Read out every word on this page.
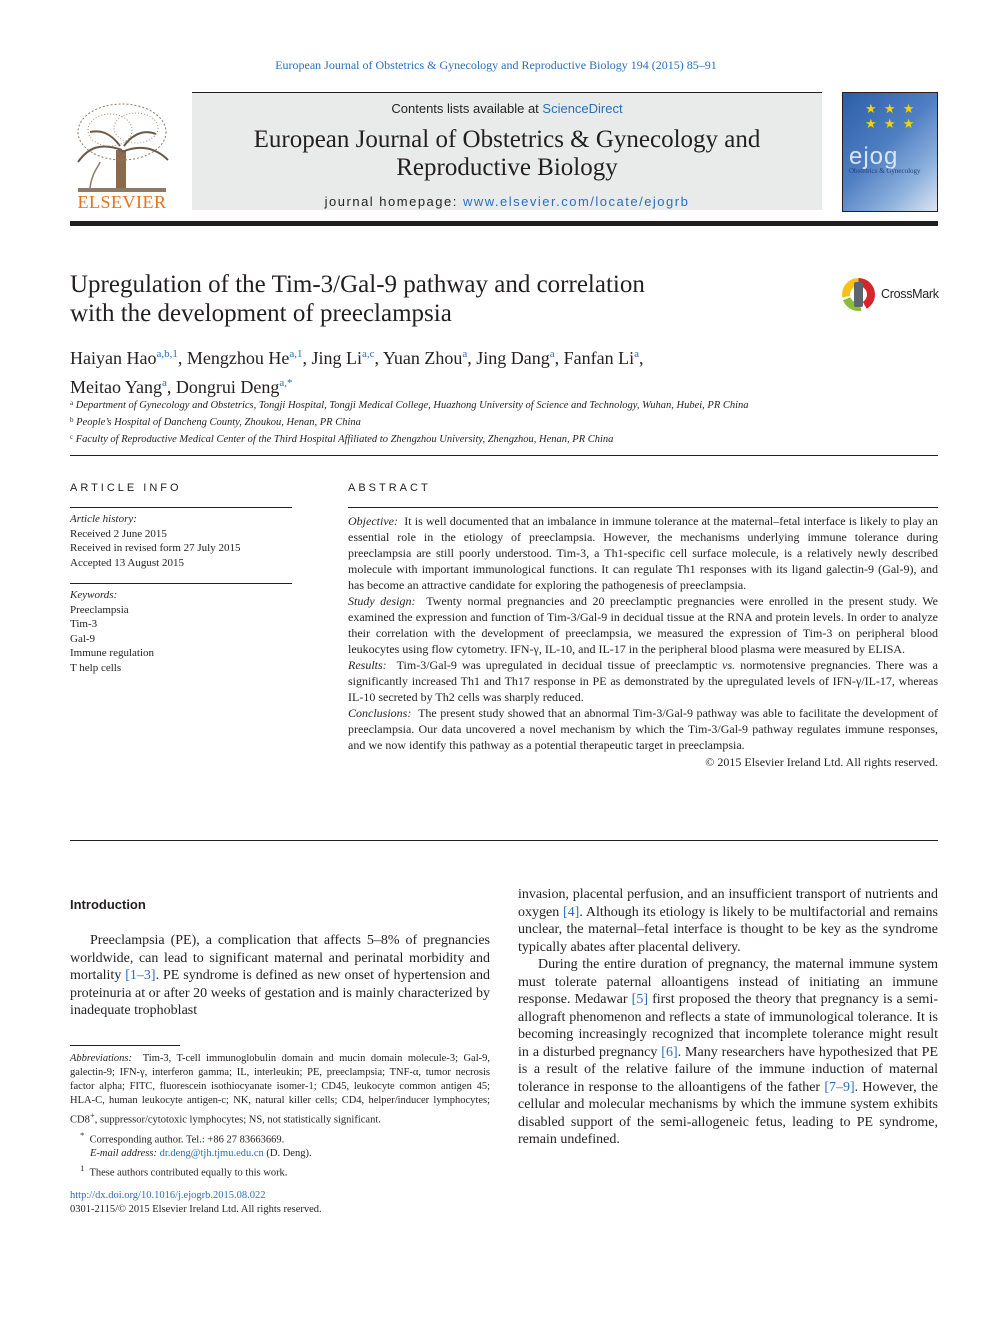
European Journal of Obstetrics & Gynecology and Reproductive Biology 194 (2015) 85–91
ELSEVIER
Contents lists available at ScienceDirect
European Journal of Obstetrics & Gynecology and
Reproductive Biology
journal homepage: www.elsevier.com/locate/ejogrb
★ ★ ★
★ ★ ★
ejog
Obstetrics & Gynecology
Upregulation of the Tim-3/Gal-9 pathway and correlation
with the development of preeclampsia
CrossMark
Haiyan Hao$^{a,b,1}$, Mengzhou He$^{a,1}$, Jing Li$^{a,c}$, Yuan Zhou$^a$, Jing Dang$^a$, Fanfan Li$^a$,
Meitao Yang$^a$, Dongrui Deng$^{a,*}$
$^a$ Department of Gynecology and Obstetrics, Tongji Hospital, Tongji Medical College, Huazhong University of Science and Technology, Wuhan, Hubei, PR China
$^b$ People’s Hospital of Dancheng County, Zhoukou, Henan, PR China
$^c$ Faculty of Reproductive Medical Center of the Third Hospital Affiliated to Zhengzhou University, Zhengzhou, Henan, PR China
ARTICLE INFO
Article history:
Received 2 June 2015
Received in revised form 27 July 2015
Accepted 13 August 2015
Keywords:
Preeclampsia
Tim-3
Gal-9
Immune regulation
T help cells
ABSTRACT

Objective: It is well documented that an imbalance in immune tolerance at the maternal–fetal interface is likely to play an essential role in the etiology of preeclampsia. However, the mechanisms underlying immune tolerance during preeclampsia are still poorly understood. Tim-3, a Th1-specific cell surface molecule, is a relatively newly described molecule with important immunological functions. It can regulate Th1 responses with its ligand galectin-9 (Gal-9), and has become an attractive candidate for exploring the pathogenesis of preeclampsia.

Study design: Twenty normal pregnancies and 20 preeclamptic pregnancies were enrolled in the present study. We examined the expression and function of Tim-3/Gal-9 in decidual tissue at the RNA and protein levels. In order to analyze their correlation with the development of preeclampsia, we measured the expression of Tim-3 on peripheral blood leukocytes using flow cytometry. IFN-γ, IL-10, and IL-17 in the peripheral blood plasma were measured by ELISA.

Results: Tim-3/Gal-9 was upregulated in decidual tissue of preeclamptic vs. normotensive pregnancies. There was a significantly increased Th1 and Th17 response in PE as demonstrated by the upregulated levels of IFN-γ/IL-17, whereas IL-10 secreted by Th2 cells was sharply reduced.

Conclusions: The present study showed that an abnormal Tim-3/Gal-9 pathway was able to facilitate the development of preeclampsia. Our data uncovered a novel mechanism by which the Tim-3/Gal-9 pathway regulates immune responses, and we now identify this pathway as a potential therapeutic target in preeclampsia.

© 2015 Elsevier Ireland Ltd. All rights reserved.

Introduction

Preeclampsia (PE), a complication that affects 5–8% of pregnancies worldwide, can lead to significant maternal and perinatal morbidity and mortality [1–3]. PE syndrome is defined as new onset of hypertension and proteinuria at or after 20 weeks of gestation and is mainly characterized by inadequate trophoblast

invasion, placental perfusion, and an insufficient transport of nutrients and oxygen [4]. Although its etiology is likely to be multifactorial and remains unclear, the maternal–fetal interface is thought to be key as the syndrome typically abates after placental delivery.

During the entire duration of pregnancy, the maternal immune system must tolerate paternal alloantigens instead of initiating an immune response. Medawar [5] first proposed the theory that pregnancy is a semi-allograft phenomenon and reflects a state of immunological tolerance. It is becoming increasingly recognized that incomplete tolerance might result in a disturbed pregnancy [6]. Many researchers have hypothesized that PE is a result of the relative failure of the immune induction of maternal tolerance in response to the alloantigens of the father [7–9]. However, the cellular and molecular mechanisms by which the immune system exhibits disabled support of the semi-allogeneic fetus, leading to PE syndrome, remain undefined.

Abbreviations: Tim-3, T-cell immunoglobulin domain and mucin domain molecule-3; Gal-9, galectin-9; IFN-γ, interferon gamma; IL, interleukin; PE, preeclampsia; TNF-α, tumor necrosis factor alpha; FITC, fluorescein isothiocyanate isomer-1; CD45, leukocyte common antigen 45; HLA-C, human leukocyte antigen-c; NK, natural killer cells; CD4, helper/inducer lymphocytes; CD8+, suppressor/cytotoxic lymphocytes; NS, not statistically significant.
* Corresponding author. Tel.: +86 27 83663669.
E-mail address: dr.deng@tjh.tjmu.edu.cn (D. Deng).
$^1$ These authors contributed equally to this work.
http://dx.doi.org/10.1016/j.ejogrb.2015.08.022
0301-2115/© 2015 Elsevier Ireland Ltd. All rights reserved.
